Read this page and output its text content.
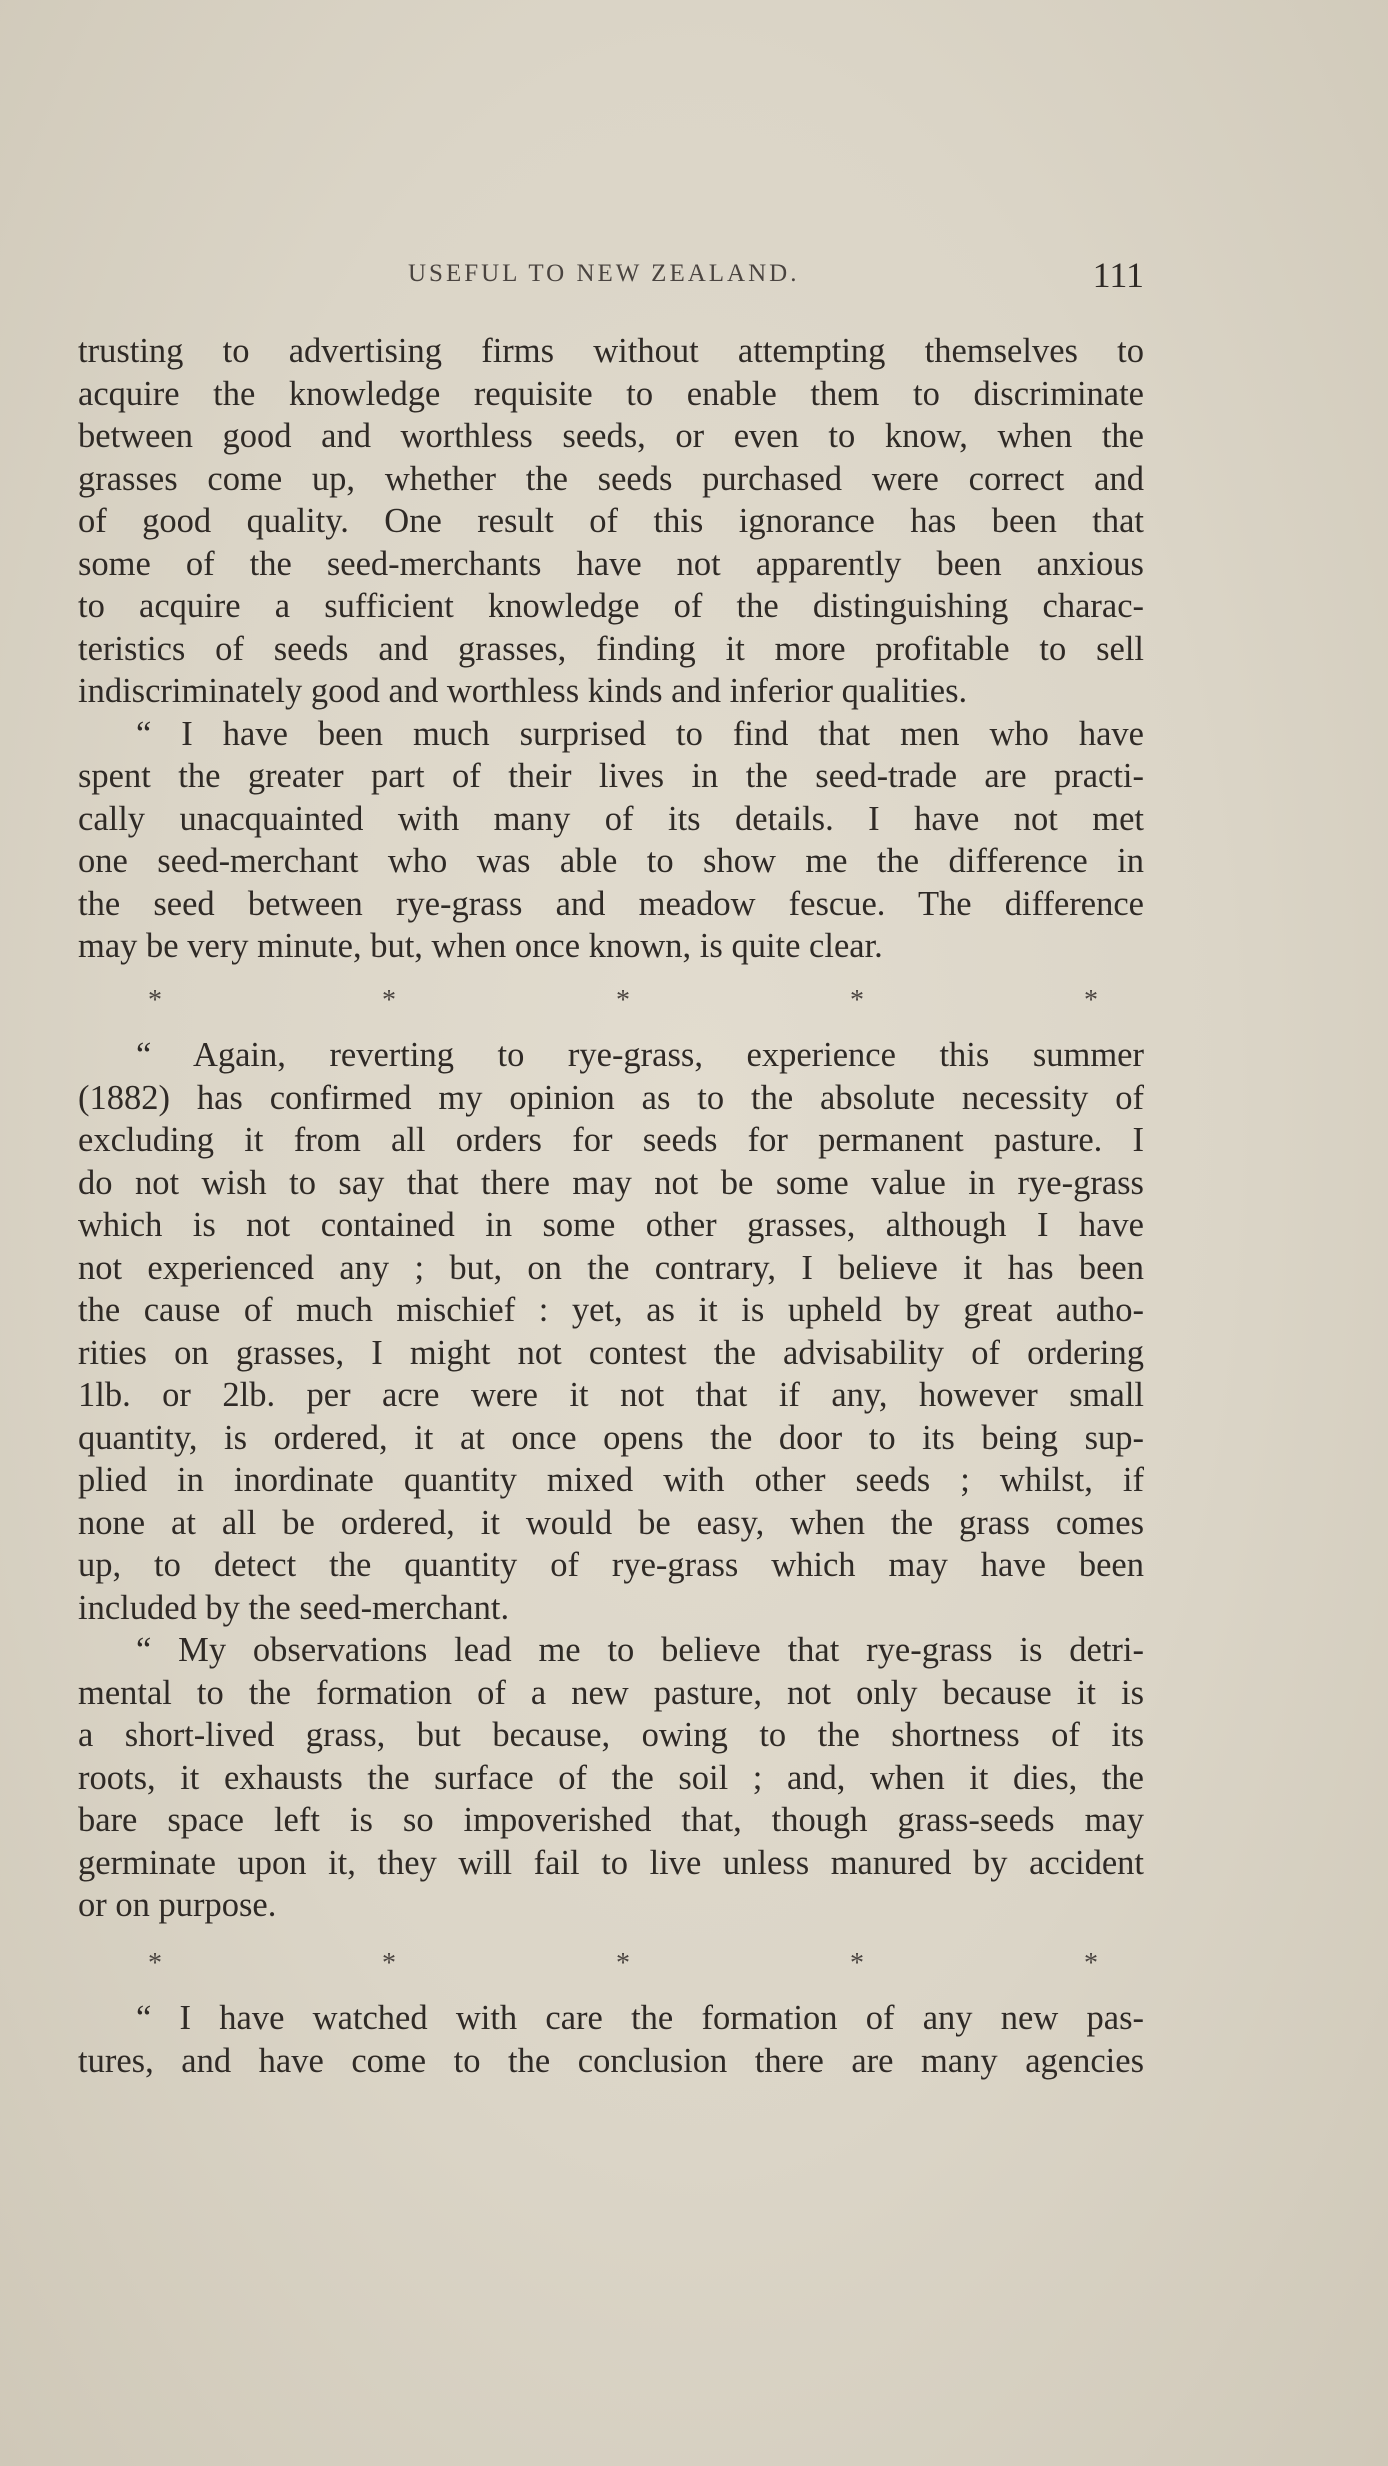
USEFUL TO NEW ZEALAND.	111
trusting to advertising firms without attempting themselves to
acquire the knowledge requisite to enable them to discriminate
between good and worthless seeds, or even to know, when the
grasses come up, whether the seeds purchased were correct and
of good quality. One result of this ignorance has been that
some of the seed-merchants have not apparently been anxious
to acquire a sufficient knowledge of the distinguishing charac-
teristics of seeds and grasses, finding it more profitable to sell
indiscriminately good and worthless kinds and inferior qualities.
“ I have been much surprised to find that men who have
spent the greater part of their lives in the seed-trade are practi-
cally unacquainted with many of its details. I have not met
one seed-merchant who was able to show me the difference in
the seed between rye-grass and meadow fescue. The difference
may be very minute, but, when once known, is quite clear.
*	*	*	*	*
“ Again, reverting to rye-grass, experience this summer
(1882) has confirmed my opinion as to the absolute necessity of
excluding it from all orders for seeds for permanent pasture. I
do not wish to say that there may not be some value in rye-grass
which is not contained in some other grasses, although I have
not experienced any ; but, on the contrary, I believe it has been
the cause of much mischief : yet, as it is upheld by great autho-
rities on grasses, I might not contest the advisability of ordering
1lb. or 2lb. per acre were it not that if any, however small
quantity, is ordered, it at once opens the door to its being sup-
plied in inordinate quantity mixed with other seeds ; whilst, if
none at all be ordered, it would be easy, when the grass comes
up, to detect the quantity of rye-grass which may have been
included by the seed-merchant.
“ My observations lead me to believe that rye-grass is detri-
mental to the formation of a new pasture, not only because it is
a short-lived grass, but because, owing to the shortness of its
roots, it exhausts the surface of the soil ; and, when it dies, the
bare space left is so impoverished that, though grass-seeds may
germinate upon it, they will fail to live unless manured by accident
or on purpose.
*	*	*	*	*
“ I have watched with care the formation of any new pas-
tures, and have come to the conclusion there are many agencies
